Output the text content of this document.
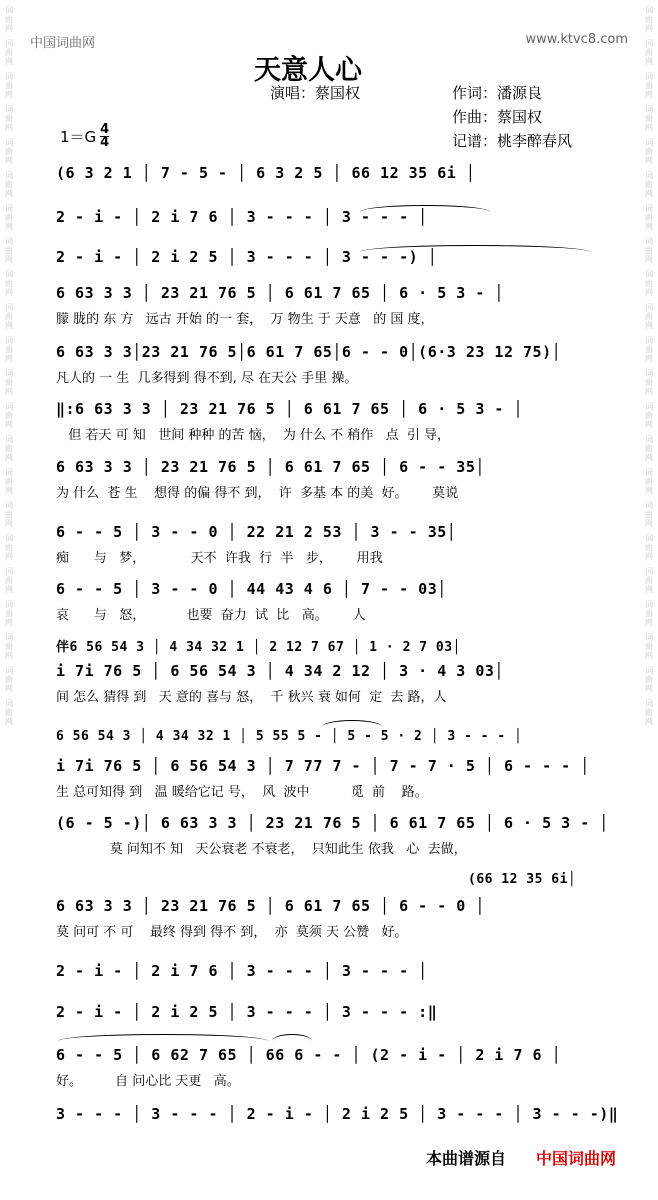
词曲网
词曲网
词曲网
词曲网
词曲网
词曲网
词曲网
词曲网
词曲网
词曲网
词曲网
词曲网
词曲网
词曲网
词曲网
词曲网
词曲网
词曲网
词曲网
词曲网
词曲网
词曲网
词曲网
词曲网
词曲网
词曲网
词曲网
词曲网
词曲网
词曲网
词曲网
词曲网
词曲网
词曲网
词曲网
词曲网
词曲网
词曲网
词曲网
词曲网
词曲网
词曲网
词曲网
词曲网
中国词曲网	www.ktvc8.com
天意人心
演唱：蔡国权	作词：潘源良
作曲：蔡国权
记谱：桃李醉春风
$1=G \frac{4}{4}$
(6 3 2 1 │ 7 - 5 - │ 6 3 2 5 │ 66 12 35 6i │
2 - i - │ 2 i 7 6 │ 3 - - - │ 3 - - - │
2 - i - │ 2 i 2 5 │ 3 - - - │ 3 - - -) │
6 63 3 3 │ 23 21 76 5 │ 6 61 7 65 │ 6 · 5 3 - │
朦 胧的 东 方   远古 开始 的一 套，  万 物生 于 天意   的 国 度，
6 63 3 3│23 21 76 5│6 61 7 65│6 - - 0│(6·3 23 12 75)│
凡人的 一 生  几多得到 得不到, 尽 在天公 手里 操。
‖:6 63 3 3 │ 23 21 76 5 │ 6 61 7 65 │ 6 · 5 3 - │
但 若天 可 知   世间 种种 的苦 恼，  为 什么 不 稍作   点  引 导，
6 63 3 3 │ 23 21 76 5 │ 6 61 7 65 │ 6 - - 35│
为 什么  苍 生    想得 的偏 得不 到，  许  多基 本 的美  好。      莫说
6 - - 5 │ 3 - - 0 │ 22 21 2 53 │ 3 - - 35│
痴      与   梦，           天不  许我  行  半   步，      用我
6 - - 5 │ 3 - - 0 │ 44 43 4 6 │ 7 - - 03│
哀      与   怒，          也要  奋力  试  比   高。      人
伴6 56 54 3 │ 4 34 32 1 │ 2 12 7 67 │ 1 · 2 7 03│
i 7i 76 5 │ 6 56 54 3 │ 4 34 2 12 │ 3 · 4 3 03│
间 怎么 猜得 到   天 意的 喜与 怒，  千 秋兴 衰 如何  定  去 路，人
6 56 54 3 │ 4 34 32 1 │ 5 55 5 - │ 5 - 5 · 2 │ 3 - - - │
i 7i 76 5 │ 6 56 54 3 │ 7 77 7 - │ 7 - 7 · 5 │ 6 - - - │
生 总可知得 到   温 暖给它记 号，  风  波中          觅  前    路。
(6 - 5 -)│ 6 63 3 3 │ 23 21 76 5 │ 6 61 7 65 │ 6 · 5 3 - │
莫 问知不 知   天公衰老 不衰老，  只知此生 依我   心  去做，
(66 12 35 6i│
6 63 3 3 │ 23 21 76 5 │ 6 61 7 65 │ 6 - - 0 │
莫 问可 不 可    最终 得到 得不 到，  亦  莫须 天 公赞   好。
2 - i - │ 2 i 7 6 │ 3 - - - │ 3 - - - │
2 - i - │ 2 i 2 5 │ 3 - - - │ 3 - - - :‖
6 - - 5 │ 6 62 7 65 │ 66 6 - - │ (2 - i - │ 2 i 7 6 │
好。        自 问心比 天更   高。
3 - - - │ 3 - - - │ 2 - i - │ 2 i 2 5 │ 3 - - - │ 3 - - -)‖
本曲谱源自 中国词曲网
